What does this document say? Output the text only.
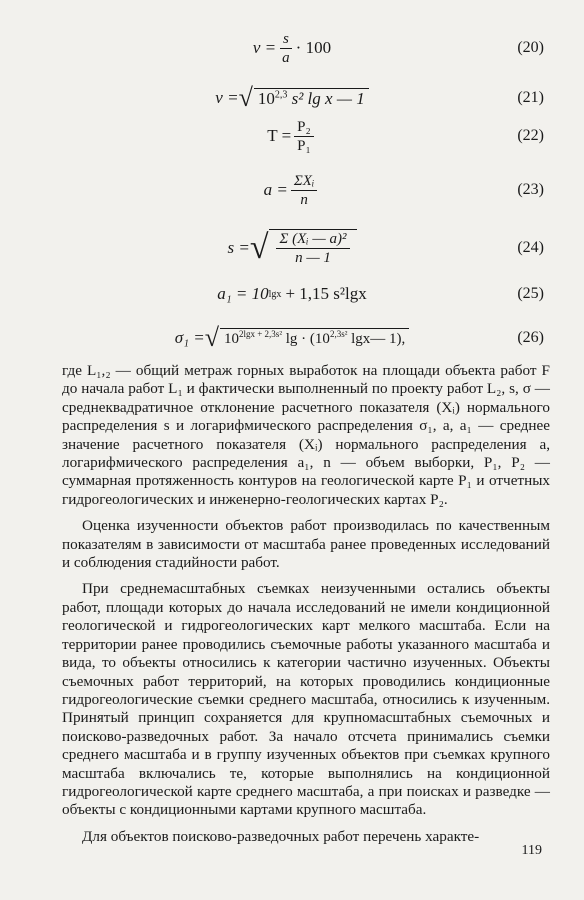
$v = \frac{s}{a} \cdot 100$	(20)
v = √ 10$^{2,3}$ s² lg x — 1	(21)
$T = \frac{\text{P₂}}{\text{P₁}}$	(22)
$a = \frac{\text{ΣXᵢ}}{n}$	(23)
s = √ $\frac{\text{Σ (Xᵢ — a)²}}{n — 1}$	(24)
a₁ = 10 lgx + 1,15 s²lgx	(25)
σ₁ = √ $10^{2lgx + 2,3s^2}$ $\lg \cdot (10^{2,3s^2}$ lgx— 1),	(26)

где L₁,₂ — общий метраж горных выработок на площади объекта работ F до начала работ L₁ и фактически выполненный по проекту работ L₂, s, σ — среднеквадратичное отклонение расчетного показателя (Xᵢ) нормального распределения s и логарифмического распределения σ₁, a, a₁ — среднее значение расчетного показателя (Xᵢ) нормального распределения a, логарифмического распределения a₁, n — объем выборки, P₁, P₂ — суммарная протяженность контуров на геологической карте P₁ и отчетных гидрогеологических и инженерно-геологических картах P₂.

Оценка изученности объектов работ производилась по качественным показателям в зависимости от масштаба ранее проведенных исследований и соблюдения стадийности работ.

При среднемасштабных съемках неизученными остались объекты работ, площади которых до начала исследований не имели кондиционной геологической и гидрогеологических карт мелкого масштаба. Если на территории ранее проводились съемочные работы указанного масштаба и вида, то объекты относились к категории частично изученных. Объекты съемочных работ территорий, на которых проводились кондиционные гидрогеологические съемки среднего масштаба, относились к изученным. Принятый принцип сохраняется для крупномасштабных съемочных и поисково-разведочных работ. За начало отсчета принимались съемки среднего масштаба и в группу изученных объектов при съемках крупного масштаба включались те, которые выполнялись на кондиционной гидрогеологической карте среднего масштаба, а при поисках и разведке — объекты с кондиционными картами крупного масштаба.

Для объектов поисково-разведочных работ перечень характе-

119
